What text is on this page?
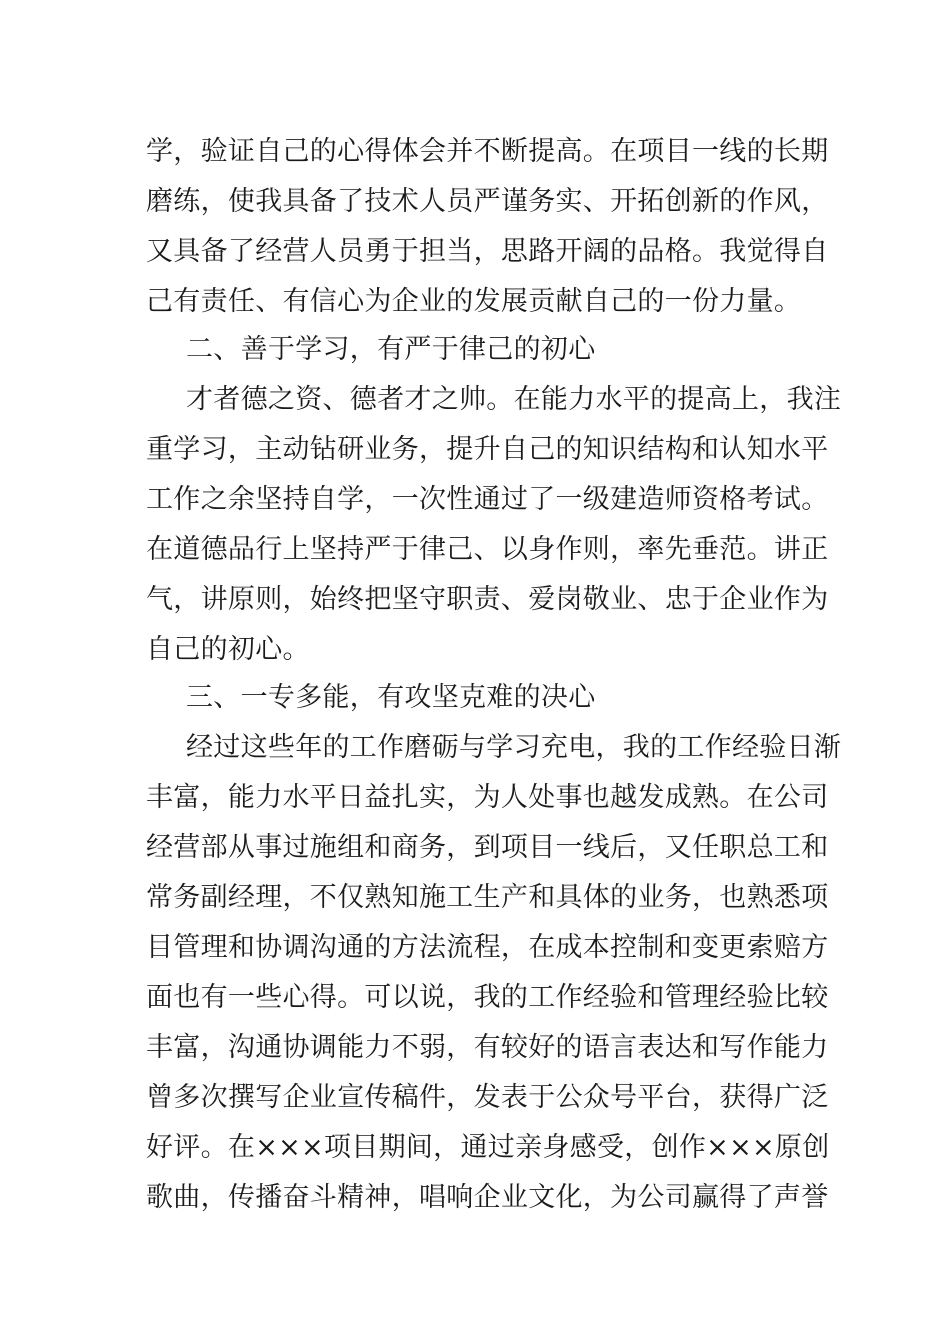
学，验证自己的心得体会并不断提高。在项目一线的长期
磨练，使我具备了技术人员严谨务实、开拓创新的作风，
又具备了经营人员勇于担当，思路开阔的品格。我觉得自
己有责任、有信心为企业的发展贡献自己的一份力量。
二、善于学习，有严于律己的初心
才者德之资、德者才之帅。在能力水平的提高上，我注
重学习，主动钻研业务，提升自己的知识结构和认知水平
工作之余坚持自学，一次性通过了一级建造师资格考试。
在道德品行上坚持严于律己、以身作则，率先垂范。讲正
气，讲原则，始终把坚守职责、爱岗敬业、忠于企业作为
自己的初心。
三、一专多能，有攻坚克难的决心
经过这些年的工作磨砺与学习充电，我的工作经验日渐
丰富，能力水平日益扎实，为人处事也越发成熟。在公司
经营部从事过施组和商务，到项目一线后，又任职总工和
常务副经理，不仅熟知施工生产和具体的业务，也熟悉项
目管理和协调沟通的方法流程，在成本控制和变更索赔方
面也有一些心得。可以说，我的工作经验和管理经验比较
丰富，沟通协调能力不弱，有较好的语言表达和写作能力
曾多次撰写企业宣传稿件，发表于公众号平台，获得广泛
好评。在×××项目期间，通过亲身感受，创作×××原创
歌曲，传播奋斗精神，唱响企业文化，为公司赢得了声誉
